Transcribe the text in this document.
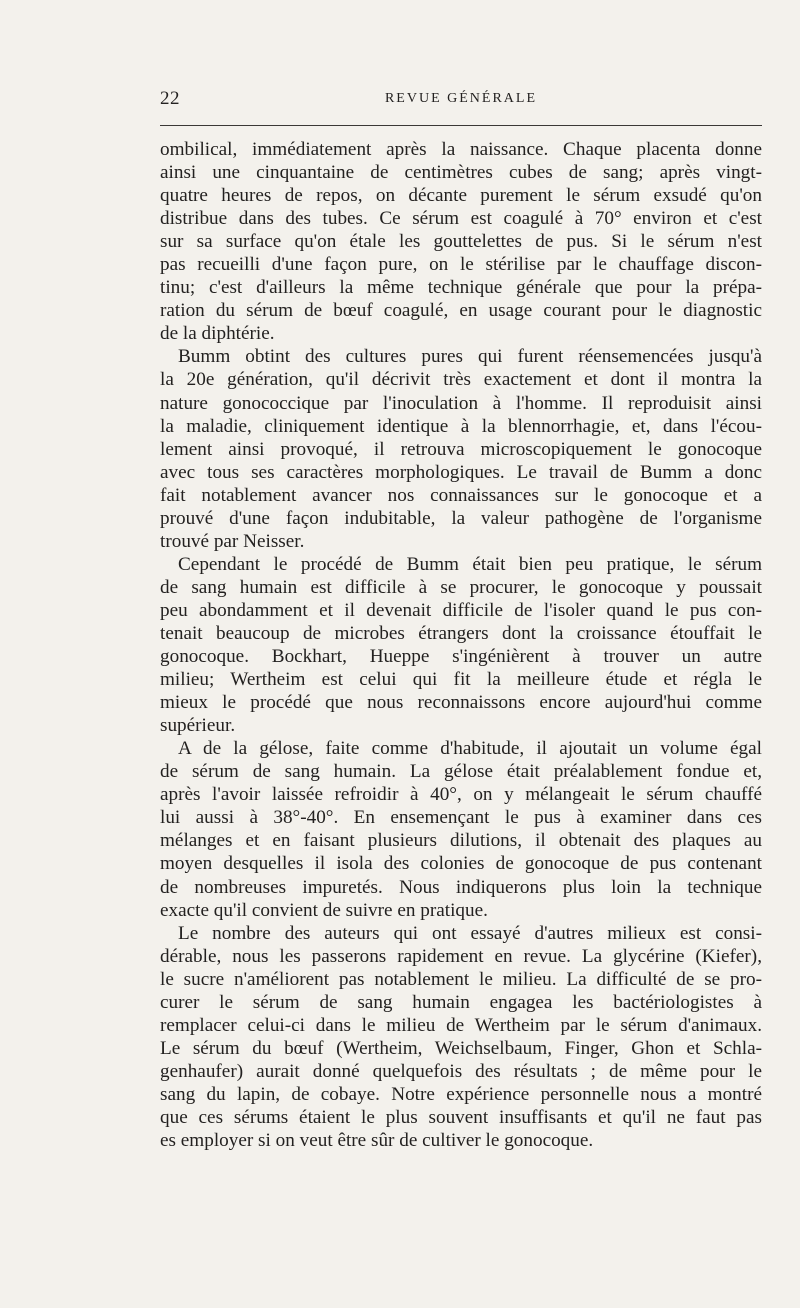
22	REVUE GÉNÉRALE
ombilical, immédiatement après la naissance. Chaque placenta donne
ainsi une cinquantaine de centimètres cubes de sang; après vingt-
quatre heures de repos, on décante purement le sérum exsudé qu'on
distribue dans des tubes. Ce sérum est coagulé à 70° environ et c'est
sur sa surface qu'on étale les gouttelettes de pus. Si le sérum n'est
pas recueilli d'une façon pure, on le stérilise par le chauffage discon-
tinu; c'est d'ailleurs la même technique générale que pour la prépa-
ration du sérum de bœuf coagulé, en usage courant pour le diagnostic
de la diphtérie.
Bumm obtint des cultures pures qui furent réensemencées jusqu'à
la 20e génération, qu'il décrivit très exactement et dont il montra la
nature gonococcique par l'inoculation à l'homme. Il reproduisit ainsi
la maladie, cliniquement identique à la blennorrhagie, et, dans l'écou-
lement ainsi provoqué, il retrouva microscopiquement le gonocoque
avec tous ses caractères morphologiques. Le travail de Bumm a donc
fait notablement avancer nos connaissances sur le gonocoque et a
prouvé d'une façon indubitable, la valeur pathogène de l'organisme
trouvé par Neisser.
Cependant le procédé de Bumm était bien peu pratique, le sérum
de sang humain est difficile à se procurer, le gonocoque y poussait
peu abondamment et il devenait difficile de l'isoler quand le pus con-
tenait beaucoup de microbes étrangers dont la croissance étouffait le
gonocoque. Bockhart, Hueppe s'ingénièrent à trouver un autre
milieu; Wertheim est celui qui fit la meilleure étude et régla le
mieux le procédé que nous reconnaissons encore aujourd'hui comme
supérieur.
A de la gélose, faite comme d'habitude, il ajoutait un volume égal
de sérum de sang humain. La gélose était préalablement fondue et,
après l'avoir laissée refroidir à 40°, on y mélangeait le sérum chauffé
lui aussi à 38°-40°. En ensemençant le pus à examiner dans ces
mélanges et en faisant plusieurs dilutions, il obtenait des plaques au
moyen desquelles il isola des colonies de gonocoque de pus contenant
de nombreuses impuretés. Nous indiquerons plus loin la technique
exacte qu'il convient de suivre en pratique.
Le nombre des auteurs qui ont essayé d'autres milieux est consi-
dérable, nous les passerons rapidement en revue. La glycérine (Kiefer),
le sucre n'améliorent pas notablement le milieu. La difficulté de se pro-
curer le sérum de sang humain engagea les bactériologistes à
remplacer celui-ci dans le milieu de Wertheim par le sérum d'animaux.
Le sérum du bœuf (Wertheim, Weichselbaum, Finger, Ghon et Schla-
genhaufer) aurait donné quelquefois des résultats ; de même pour le
sang du lapin, de cobaye. Notre expérience personnelle nous a montré
que ces sérums étaient le plus souvent insuffisants et qu'il ne faut pas
es employer si on veut être sûr de cultiver le gonocoque.
